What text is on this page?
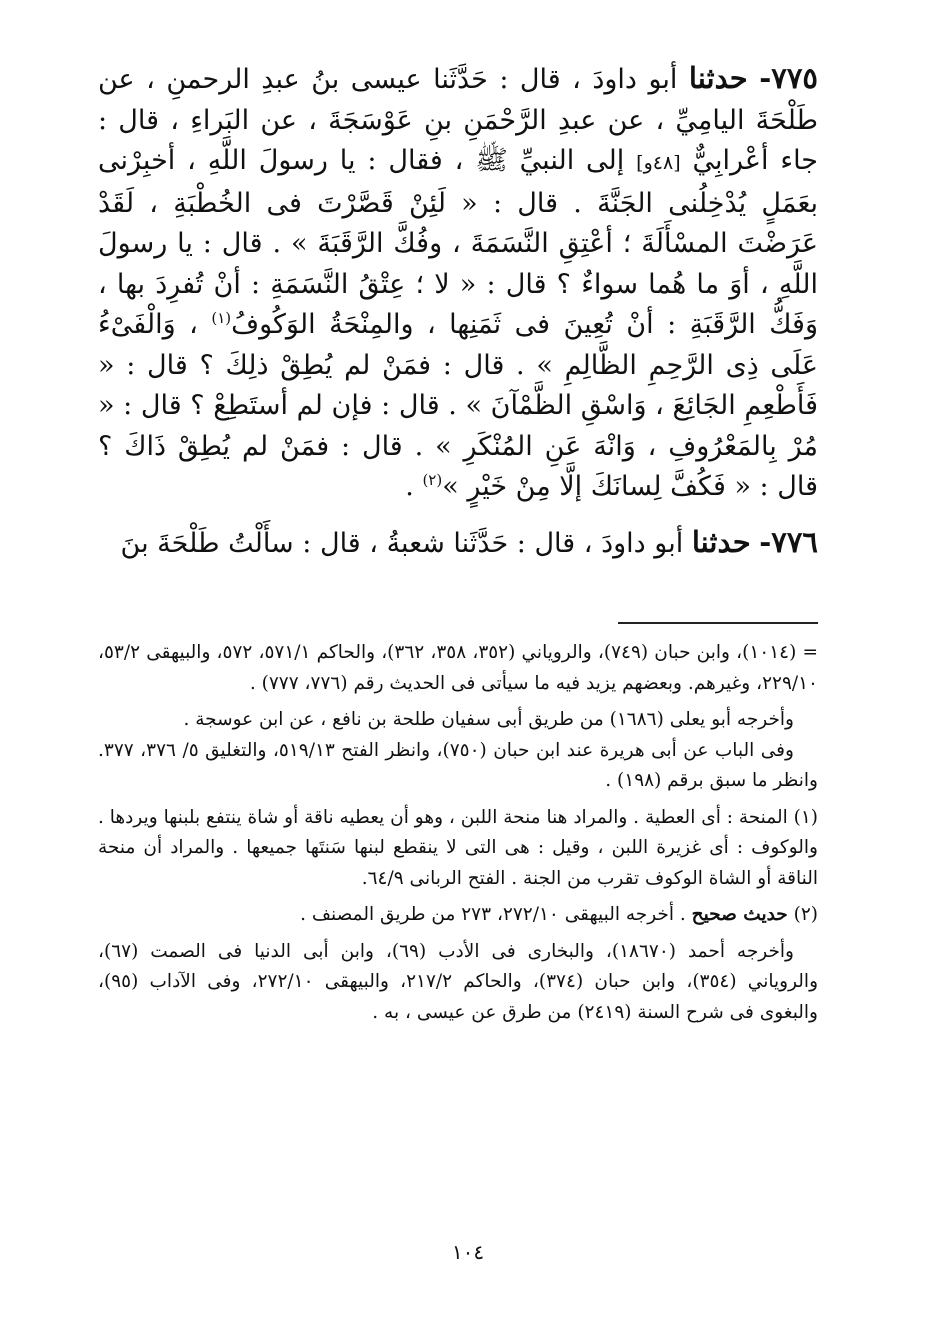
٧٧٥- حدثنا أبو داودَ ، قال : حَدَّثَنا عيسى بنُ عبدِ الرحمنِ ، عن طَلْحَةَ اليامِيِّ ، عن عبدِ الرَّحْمَنِ بنِ عَوْسَجَةَ ، عن البَراءِ ، قال : جاء أعْرابِيٌّ [٤٨و] إلى النبيِّ ﷺ ، فقال : يا رسولَ اللَّهِ ، أخبِرْنى بعَمَلٍ يُدْخِلُنى الجَنَّةَ . قال : « لَئِنْ قَصَّرْتَ فى الخُطْبَةِ ، لَقَدْ عَرَضْتَ المسْأَلَةَ ؛ أعْتِقِ النَّسَمَةَ ، وفُكَّ الرَّقَبَةَ » . قال : يا رسولَ اللَّهِ ، أوَ ما هُما سواءٌ ؟ قال : « لا ؛ عِتْقُ النَّسَمَةِ : أنْ تُفرِدَ بها ، وَفَكُّ الرَّقَبَةِ : أنْ تُعِينَ فى ثَمَنِها ، والمِنْحَةُ الوَكُوفُ$^{(١)}$ ، وَالْفَىْءُ عَلَى ذِى الرَّحِمِ الظَّالِمِ » . قال : فمَنْ لم يُطِقْ ذلِكَ ؟ قال : « فَأَطْعِمِ الجَائِعَ ، وَاسْقِ الظَّمْآنَ » . قال : فإن لم أستَطِعْ ؟ قال : « مُرْ بِالمَعْرُوفِ ، وَانْهَ عَنِ المُنْكَرِ » . قال : فمَنْ لم يُطِقْ ذَاكَ ؟ قال : « فَكُفَّ لِسانَكَ إلَّا مِنْ خَيْرٍ »$^{(٢)}$ .

٧٧٦- حدثنا أبو داودَ ، قال : حَدَّثَنا شعبةُ ، قال : سأَلْتُ طَلْحَةَ بنَ

= (١٠١٤)، وابن حبان (٧٤٩)، والروياني (٣٥٢، ٣٥٨، ٣٦٢)، والحاكم ٥٧١/١، ٥٧٢، والبيهقى ٥٣/٢، ٢٢٩/١٠، وغيرهم. وبعضهم يزيد فيه ما سيأتى فى الحديث رقم (٧٧٦، ٧٧٧) .

وأخرجه أبو يعلى (١٦٨٦) من طريق أبى سفيان طلحة بن نافع ، عن ابن عوسجة .

وفى الباب عن أبى هريرة عند ابن حبان (٧٥٠)، وانظر الفتح ٥١٩/١٣، والتغليق ٥/ ٣٧٦، ٣٧٧. وانظر ما سبق برقم (١٩٨) .

(١) المنحة : أى العطية . والمراد هنا منحة اللبن ، وهو أن يعطيه ناقة أو شاة ينتفع بلبنها ويردها . والوكوف : أى غزيرة اللبن ، وقيل : هى التى لا ينقطع لبنها سَنتَها جميعها . والمراد أن منحة الناقة أو الشاة الوكوف تقرب من الجنة . الفتح الربانى ٦٤/٩.

(٢) حديث صحيح . أخرجه البيهقى ٢٧٢/١٠، ٢٧٣ من طريق المصنف .

وأخرجه أحمد (١٨٦٧٠)، والبخارى فى الأدب (٦٩)، وابن أبى الدنيا فى الصمت (٦٧)، والروياني (٣٥٤)، وابن حبان (٣٧٤)، والحاكم ٢١٧/٢، والبيهقى ٢٧٢/١٠، وفى الآداب (٩٥)، والبغوى فى شرح السنة (٢٤١٩) من طرق عن عيسى ، به .

١٠٤
